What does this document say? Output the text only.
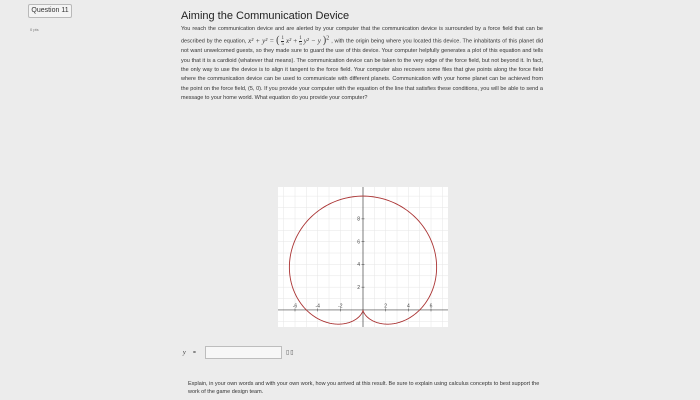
Question 11
0 pts
Aiming the Communication Device

You reach the communication device and are alerted by your computer that the communication device is surrounded by a force field that can be described by the equation, x² + y² = ( $\frac{1}{5} x^2 + \frac{1}{5} y^2 - y$ )$^2$ , with the origin being where you located this device. The inhabitants of this planet did not want unwelcomed guests, so they made sure to guard the use of this device. Your computer helpfully generates a plot of this equation and tells you that it is a cardioid (whatever that means). The communication device can be taken to the very edge of the force field, but not beyond it. In fact, the only way to use the device is to align it tangent to the force field. Your computer also recovers some files that give points along the force field where the communication device can be used to communicate with different planets. Communication with your home planet can be achieved from the point on the force field, (5, 0). If you provide your computer with the equation of the line that satisfies these conditions, you will be able to send a message to your home world. What equation do you provide your computer?

-6	-4	-2	2	4	6
2
4
6
8
y =	▯▯

Explain, in your own words and with your own work, how you arrived at this result. Be sure to explain using calculus concepts to best support the work of the game design team.
